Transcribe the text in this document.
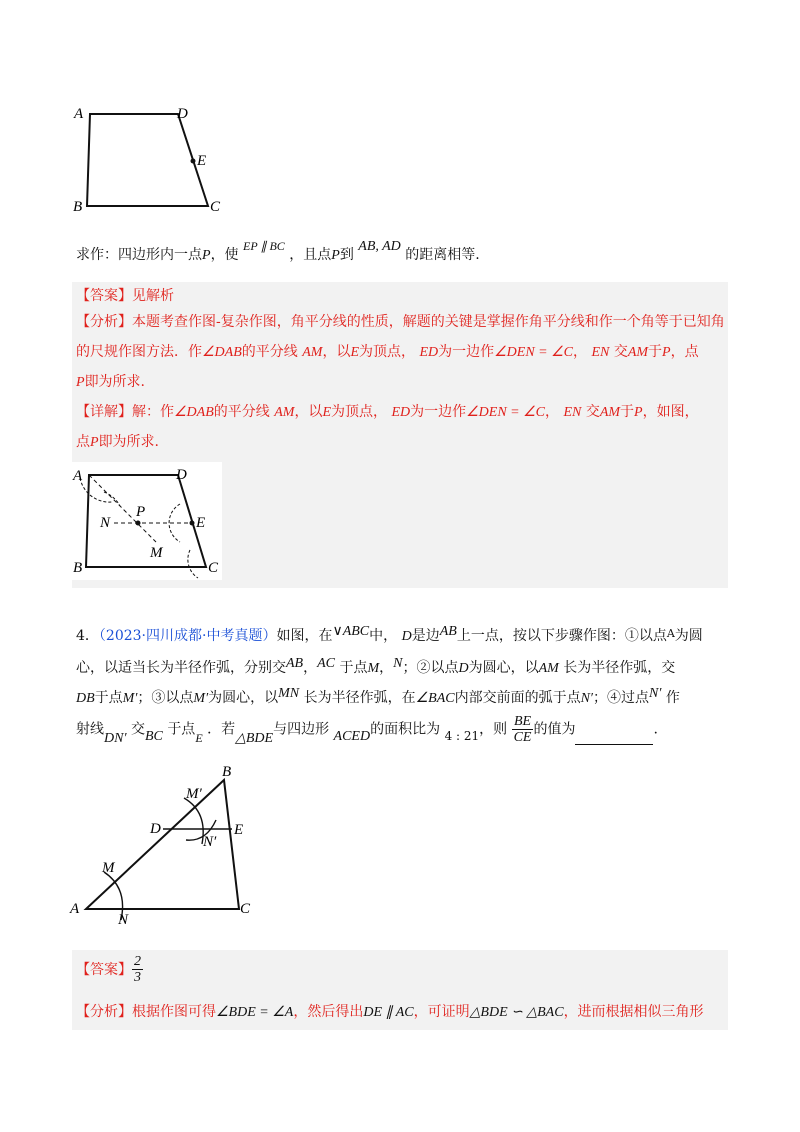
A	D
E
B	C
求作：四边形内一点P，使 EP ∥ BC ，且点P到 AB, AD 的距离相等.
【答案】见解析
【分析】本题考查作图-复杂作图，角平分线的性质，解题的关键是掌握作角平分线和作一个角等于已知角
的尺规作图方法．作∠DAB的平分线 AM，以E为顶点， ED为一边作∠DEN = ∠C， EN 交AM于P，点
P即为所求.
【详解】解：作∠DAB的平分线 AM，以E为顶点， ED为一边作∠DEN = ∠C， EN 交AM于P，如图，
点P即为所求.
A	D
P
N	E
M
B	C
4．（2023·四川成都·中考真题）如图，在∨ABC中， D是边AB上一点，按以下步骤作图：①以点$^A$为圆
心，以适当长为半径作弧，分别交AB，AC 于点M，N；②以点D为圆心，以AM 长为半径作弧，交
DB于点M′；③以点M′为圆心，以MN 长为半径作弧，在∠BAC内部交前面的弧于点N′；④过点N′ 作
射线DN′ 交BC 于点E ．若△BDE与四边形 ACED的面积比为 4 : 21，则 $\frac{BE}{CE}$ 的值为	.
B
M′
D	E
N′
M
A
N
C
【答案】 $\frac{2}{3}$
【分析】根据作图可得∠BDE = ∠A，然后得出DE ∥ AC，可证明△BDE ∽ △BAC，进而根据相似三角形
